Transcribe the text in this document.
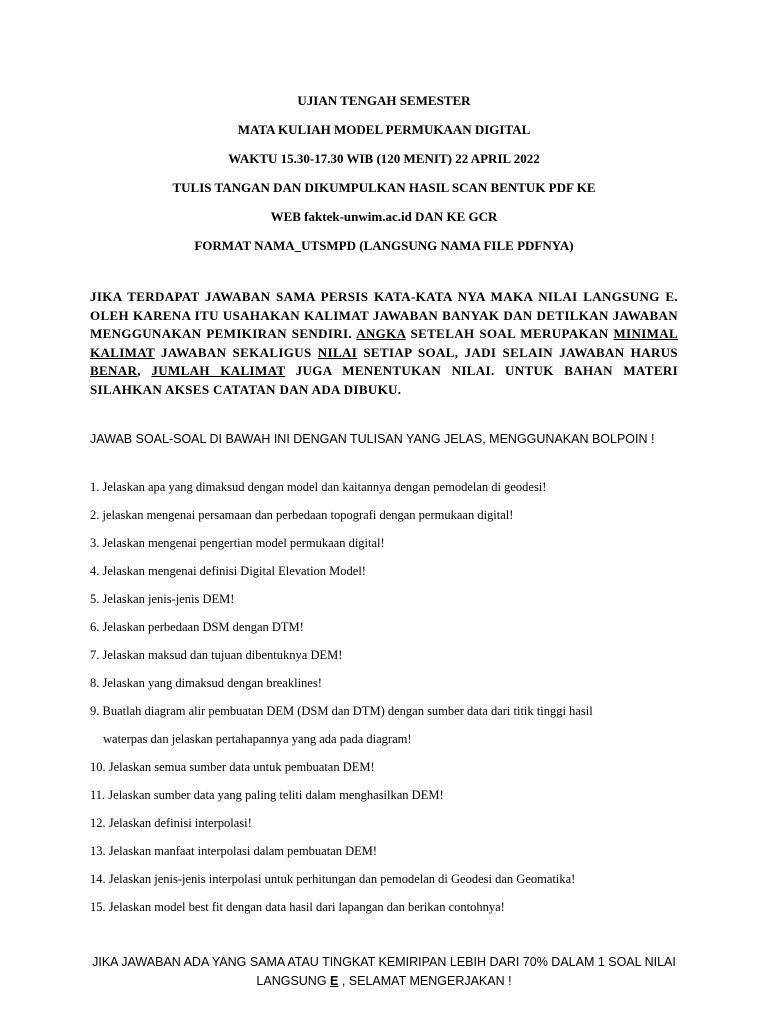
UJIAN TENGAH SEMESTER
MATA KULIAH MODEL PERMUKAAN DIGITAL
WAKTU 15.30-17.30 WIB (120 MENIT) 22 APRIL 2022
TULIS TANGAN DAN DIKUMPULKAN HASIL SCAN BENTUK PDF KE
WEB faktek-unwim.ac.id DAN KE GCR
FORMAT NAMA_UTSMPD (LANGSUNG NAMA FILE PDFNYA)
JIKA TERDAPAT JAWABAN SAMA PERSIS KATA-KATA NYA MAKA NILAI LANGSUNG E. OLEH KARENA ITU USAHAKAN KALIMAT JAWABAN BANYAK DAN DETILKAN JAWABAN MENGGUNAKAN PEMIKIRAN SENDIRI. ANGKA SETELAH SOAL MERUPAKAN MINIMAL KALIMAT JAWABAN SEKALIGUS NILAI SETIAP SOAL, JADI SELAIN JAWABAN HARUS BENAR, JUMLAH KALIMAT JUGA MENENTUKAN NILAI. UNTUK BAHAN MATERI SILAHKAN AKSES CATATAN DAN ADA DIBUKU.
JAWAB SOAL-SOAL DI BAWAH INI DENGAN TULISAN YANG JELAS, MENGGUNAKAN BOLPOIN !
1. Jelaskan apa yang dimaksud dengan model dan kaitannya dengan pemodelan di geodesi!
2. jelaskan mengenai persamaan dan perbedaan topografi dengan permukaan digital!
3. Jelaskan mengenai pengertian model permukaan digital!
4. Jelaskan mengenai definisi Digital Elevation Model!
5. Jelaskan jenis-jenis DEM!
6. Jelaskan perbedaan DSM dengan DTM!
7. Jelaskan maksud dan tujuan dibentuknya DEM!
8. Jelaskan yang dimaksud dengan breaklines!
9. Buatlah diagram alir pembuatan DEM (DSM dan DTM) dengan sumber data dari titik tinggi hasil
waterpas dan jelaskan pertahapannya yang ada pada diagram!
10. Jelaskan semua sumber data untuk pembuatan DEM!
11. Jelaskan sumber data yang paling teliti dalam menghasilkan DEM!
12. Jelaskan definisi interpolasi!
13. Jelaskan manfaat interpolasi dalam pembuatan DEM!
14. Jelaskan jenis-jenis interpolasi untuk perhitungan dan pemodelan di Geodesi dan Geomatika!
15. Jelaskan model best fit dengan data hasil dari lapangan dan berikan contohnya!
JIKA JAWABAN ADA YANG SAMA ATAU TINGKAT KEMIRIPAN LEBIH DARI 70% DALAM 1 SOAL NILAI LANGSUNG E , SELAMAT MENGERJAKAN !
